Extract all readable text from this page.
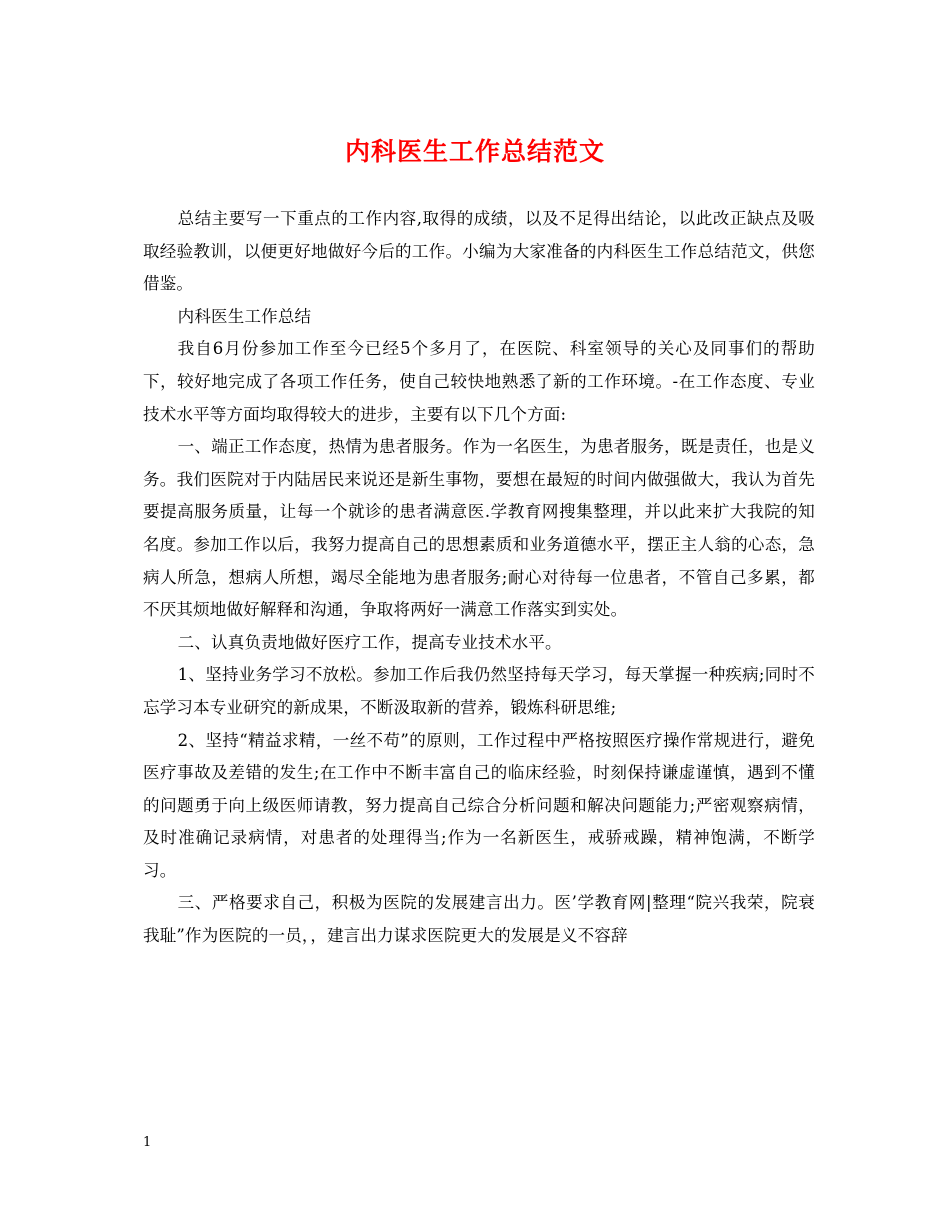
内科医生工作总结范文

总结主要写一下重点的工作内容,取得的成绩，以及不足得出结论，以此改正缺点及吸取经验教训，以便更好地做好今后的工作。小编为大家准备的内科医生工作总结范文，供您借鉴。

内科医生工作总结

我自6月份参加工作至今已经5个多月了，在医院、科室领导的关心及同事们的帮助下，较好地完成了各项工作任务，使自己较快地熟悉了新的工作环境。-在工作态度、专业技术水平等方面均取得较大的进步，主要有以下几个方面:

一、端正工作态度，热情为患者服务。作为一名医生，为患者服务，既是责任，也是义务。我们医院对于内陆居民来说还是新生事物，要想在最短的时间内做强做大，我认为首先要提高服务质量，让每一个就诊的患者满意医.学教育网搜集整理，并以此来扩大我院的知名度。参加工作以后，我努力提高自己的思想素质和业务道德水平，摆正主人翁的心态，急病人所急，想病人所想，竭尽全能地为患者服务;耐心对待每一位患者，不管自己多累，都不厌其烦地做好解释和沟通，争取将两好一满意工作落实到实处。

二、认真负责地做好医疗工作，提高专业技术水平。

1、坚持业务学习不放松。参加工作后我仍然坚持每天学习，每天掌握一种疾病;同时不忘学习本专业研究的新成果，不断汲取新的营养，锻炼科研思维;

2、坚持“精益求精，一丝不苟”的原则，工作过程中严格按照医疗操作常规进行，避免医疗事故及差错的发生;在工作中不断丰富自己的临床经验，时刻保持谦虚谨慎，遇到不懂的问题勇于向上级医师请教，努力提高自己综合分析问题和解决问题能力;严密观察病情，及时准确记录病情，对患者的处理得当;作为一名新医生，戒骄戒躁，精神饱满，不断学习。

三、严格要求自己，积极为医院的发展建言出力。医’学教育网|整理“院兴我荣，院衰我耻”作为医院的一员，，建言出力谋求医院更大的发展是义不容辞

1
